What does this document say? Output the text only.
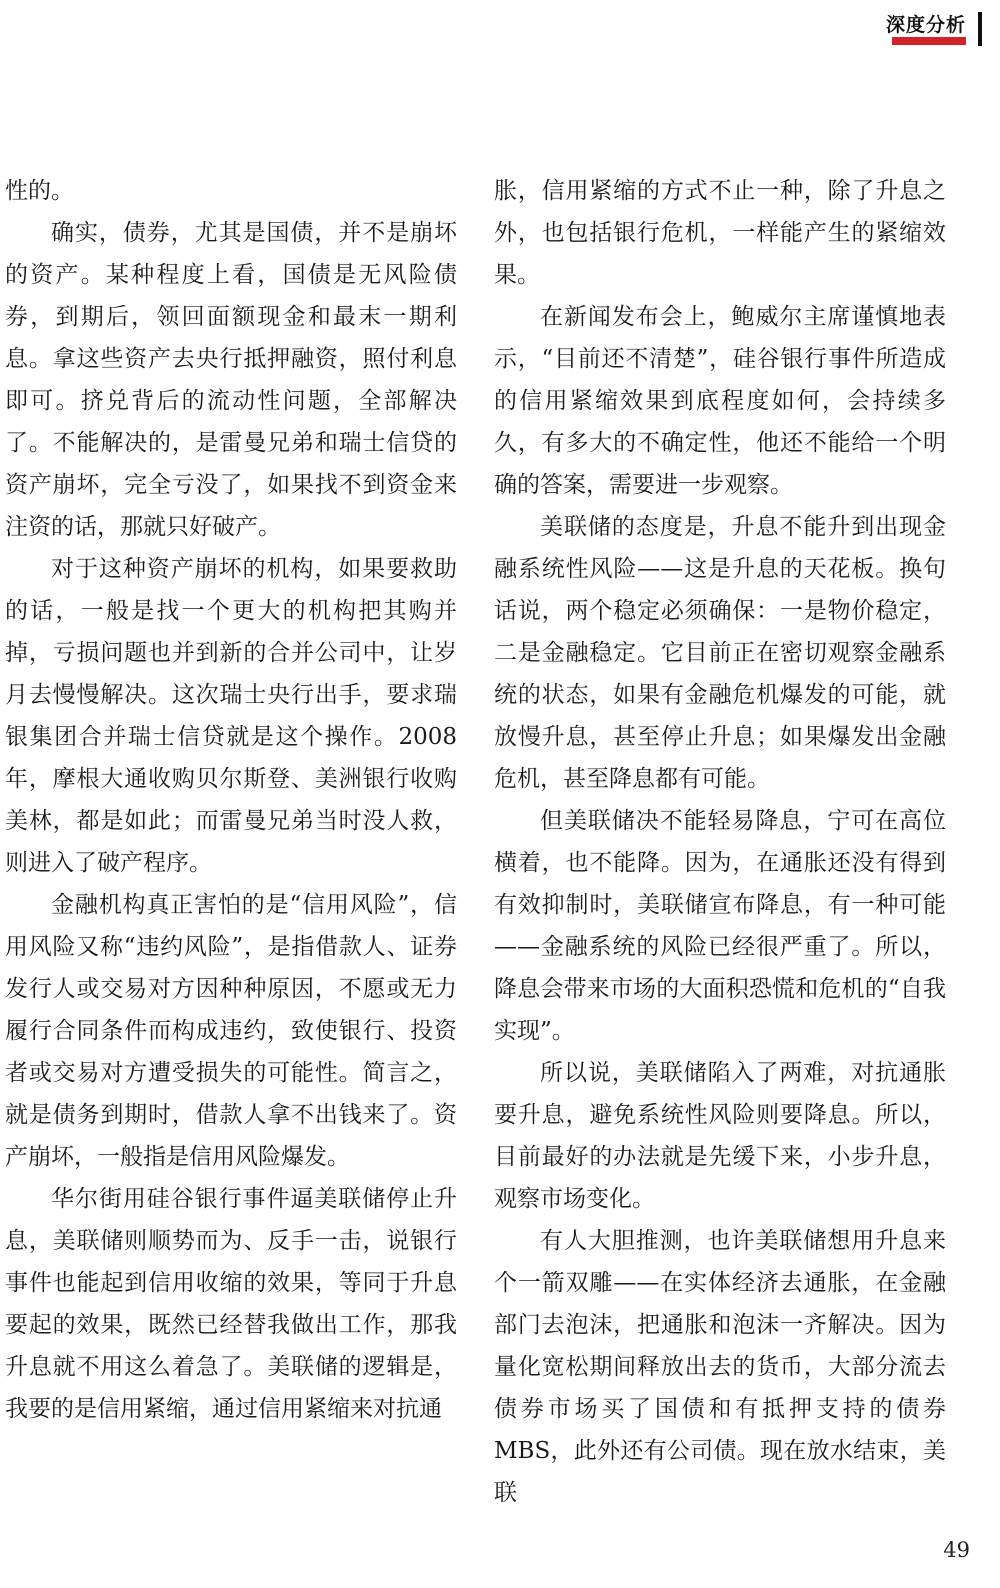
深度分析

性的。

确实，债券，尤其是国债，并不是崩坏的资产。某种程度上看，国债是无风险债券，到期后，领回面额现金和最末一期利息。拿这些资产去央行抵押融资，照付利息即可。挤兑背后的流动性问题，全部解决了。不能解决的，是雷曼兄弟和瑞士信贷的资产崩坏，完全亏没了，如果找不到资金来注资的话，那就只好破产。

对于这种资产崩坏的机构，如果要救助的话，一般是找一个更大的机构把其购并掉，亏损问题也并到新的合并公司中，让岁月去慢慢解决。这次瑞士央行出手，要求瑞银集团合并瑞士信贷就是这个操作。2008年，摩根大通收购贝尔斯登、美洲银行收购美林，都是如此；而雷曼兄弟当时没人救，则进入了破产程序。

金融机构真正害怕的是“信用风险”，信用风险又称“违约风险”，是指借款人、证券发行人或交易对方因种种原因，不愿或无力履行合同条件而构成违约，致使银行、投资者或交易对方遭受损失的可能性。简言之，就是债务到期时，借款人拿不出钱来了。资产崩坏，一般指是信用风险爆发。

华尔街用硅谷银行事件逼美联储停止升息，美联储则顺势而为、反手一击，说银行事件也能起到信用收缩的效果，等同于升息要起的效果，既然已经替我做出工作，那我升息就不用这么着急了。美联储的逻辑是，我要的是信用紧缩，通过信用紧缩来对抗通

胀，信用紧缩的方式不止一种，除了升息之外，也包括银行危机，一样能产生的紧缩效果。

在新闻发布会上，鲍威尔主席谨慎地表示，“目前还不清楚”，硅谷银行事件所造成的信用紧缩效果到底程度如何，会持续多久，有多大的不确定性，他还不能给一个明确的答案，需要进一步观察。

美联储的态度是，升息不能升到出现金融系统性风险——这是升息的天花板。换句话说，两个稳定必须确保：一是物价稳定，二是金融稳定。它目前正在密切观察金融系统的状态，如果有金融危机爆发的可能，就放慢升息，甚至停止升息；如果爆发出金融危机，甚至降息都有可能。

但美联储决不能轻易降息，宁可在高位横着，也不能降。因为，在通胀还没有得到有效抑制时，美联储宣布降息，有一种可能——金融系统的风险已经很严重了。所以，降息会带来市场的大面积恐慌和危机的“自我实现”。

所以说，美联储陷入了两难，对抗通胀要升息，避免系统性风险则要降息。所以，目前最好的办法就是先缓下来，小步升息，观察市场变化。

有人大胆推测，也许美联储想用升息来个一箭双雕——在实体经济去通胀，在金融部门去泡沫，把通胀和泡沫一齐解决。因为量化宽松期间释放出去的货币，大部分流去债券市场买了国债和有抵押支持的债券MBS，此外还有公司债。现在放水结束，美联

49
